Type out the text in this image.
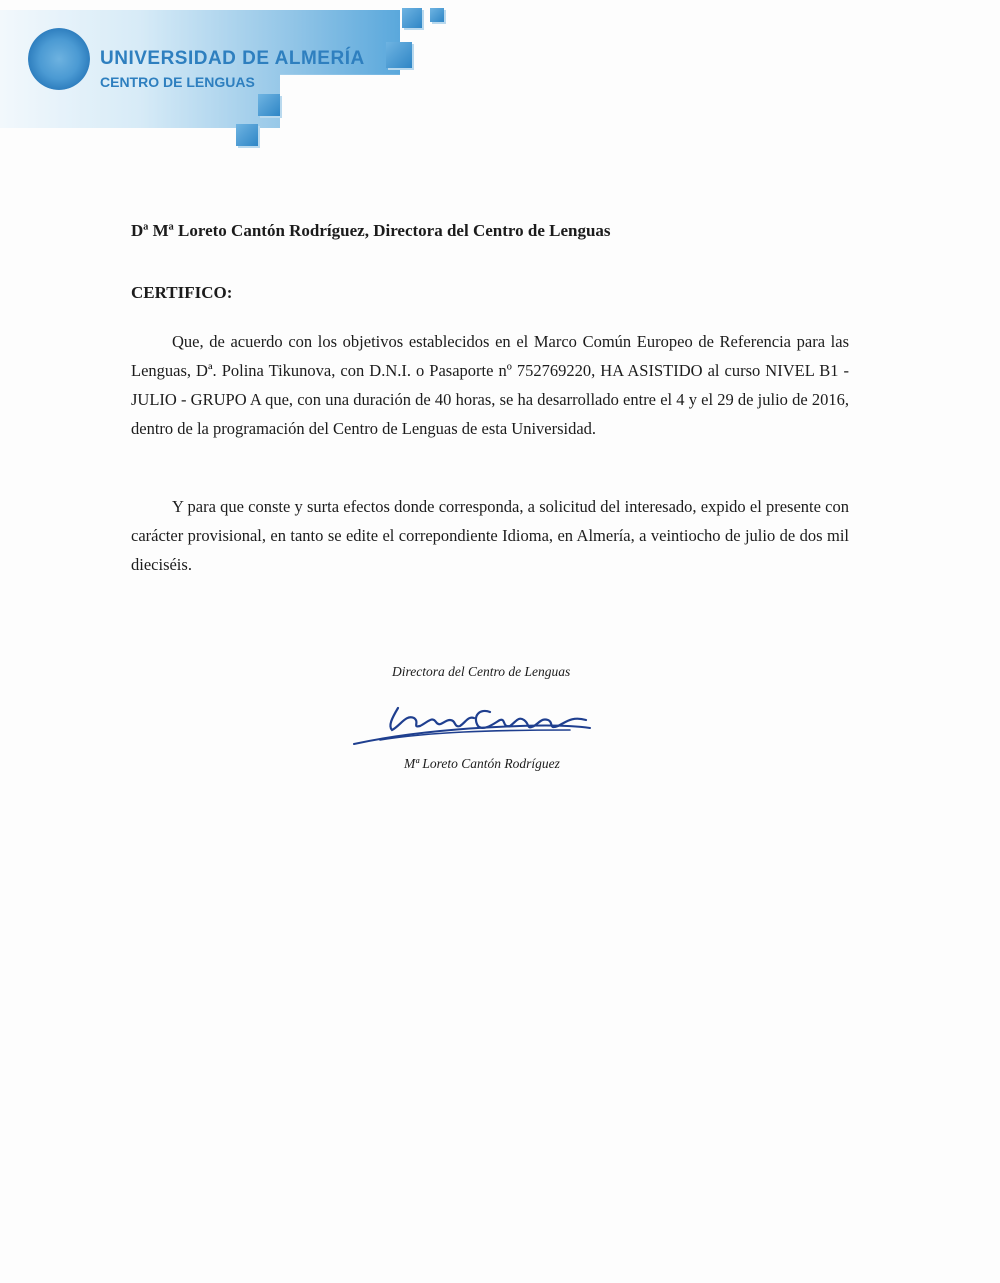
UNIVERSIDAD DE ALMERÍA
CENTRO DE LENGUAS
Dª Mª Loreto Cantón Rodríguez, Directora del Centro de Lenguas
CERTIFICO:

Que, de acuerdo con los objetivos establecidos en el Marco Común Europeo de Referencia para las Lenguas, Dª. Polina Tikunova, con D.N.I. o Pasaporte nº 752769220, HA ASISTIDO al curso NIVEL B1 - JULIO - GRUPO A que, con una duración de 40 horas, se ha desarrollado entre el 4 y el 29 de julio de 2016, dentro de la programación del Centro de Lenguas de esta Universidad.

Y para que conste y surta efectos donde corresponda, a solicitud del interesado, expido el presente con carácter provisional, en tanto se edite el correpondiente Idioma, en Almería, a veintiocho de julio de dos mil dieciséis.

Directora del Centro de Lenguas
Mª Loreto Cantón Rodríguez
